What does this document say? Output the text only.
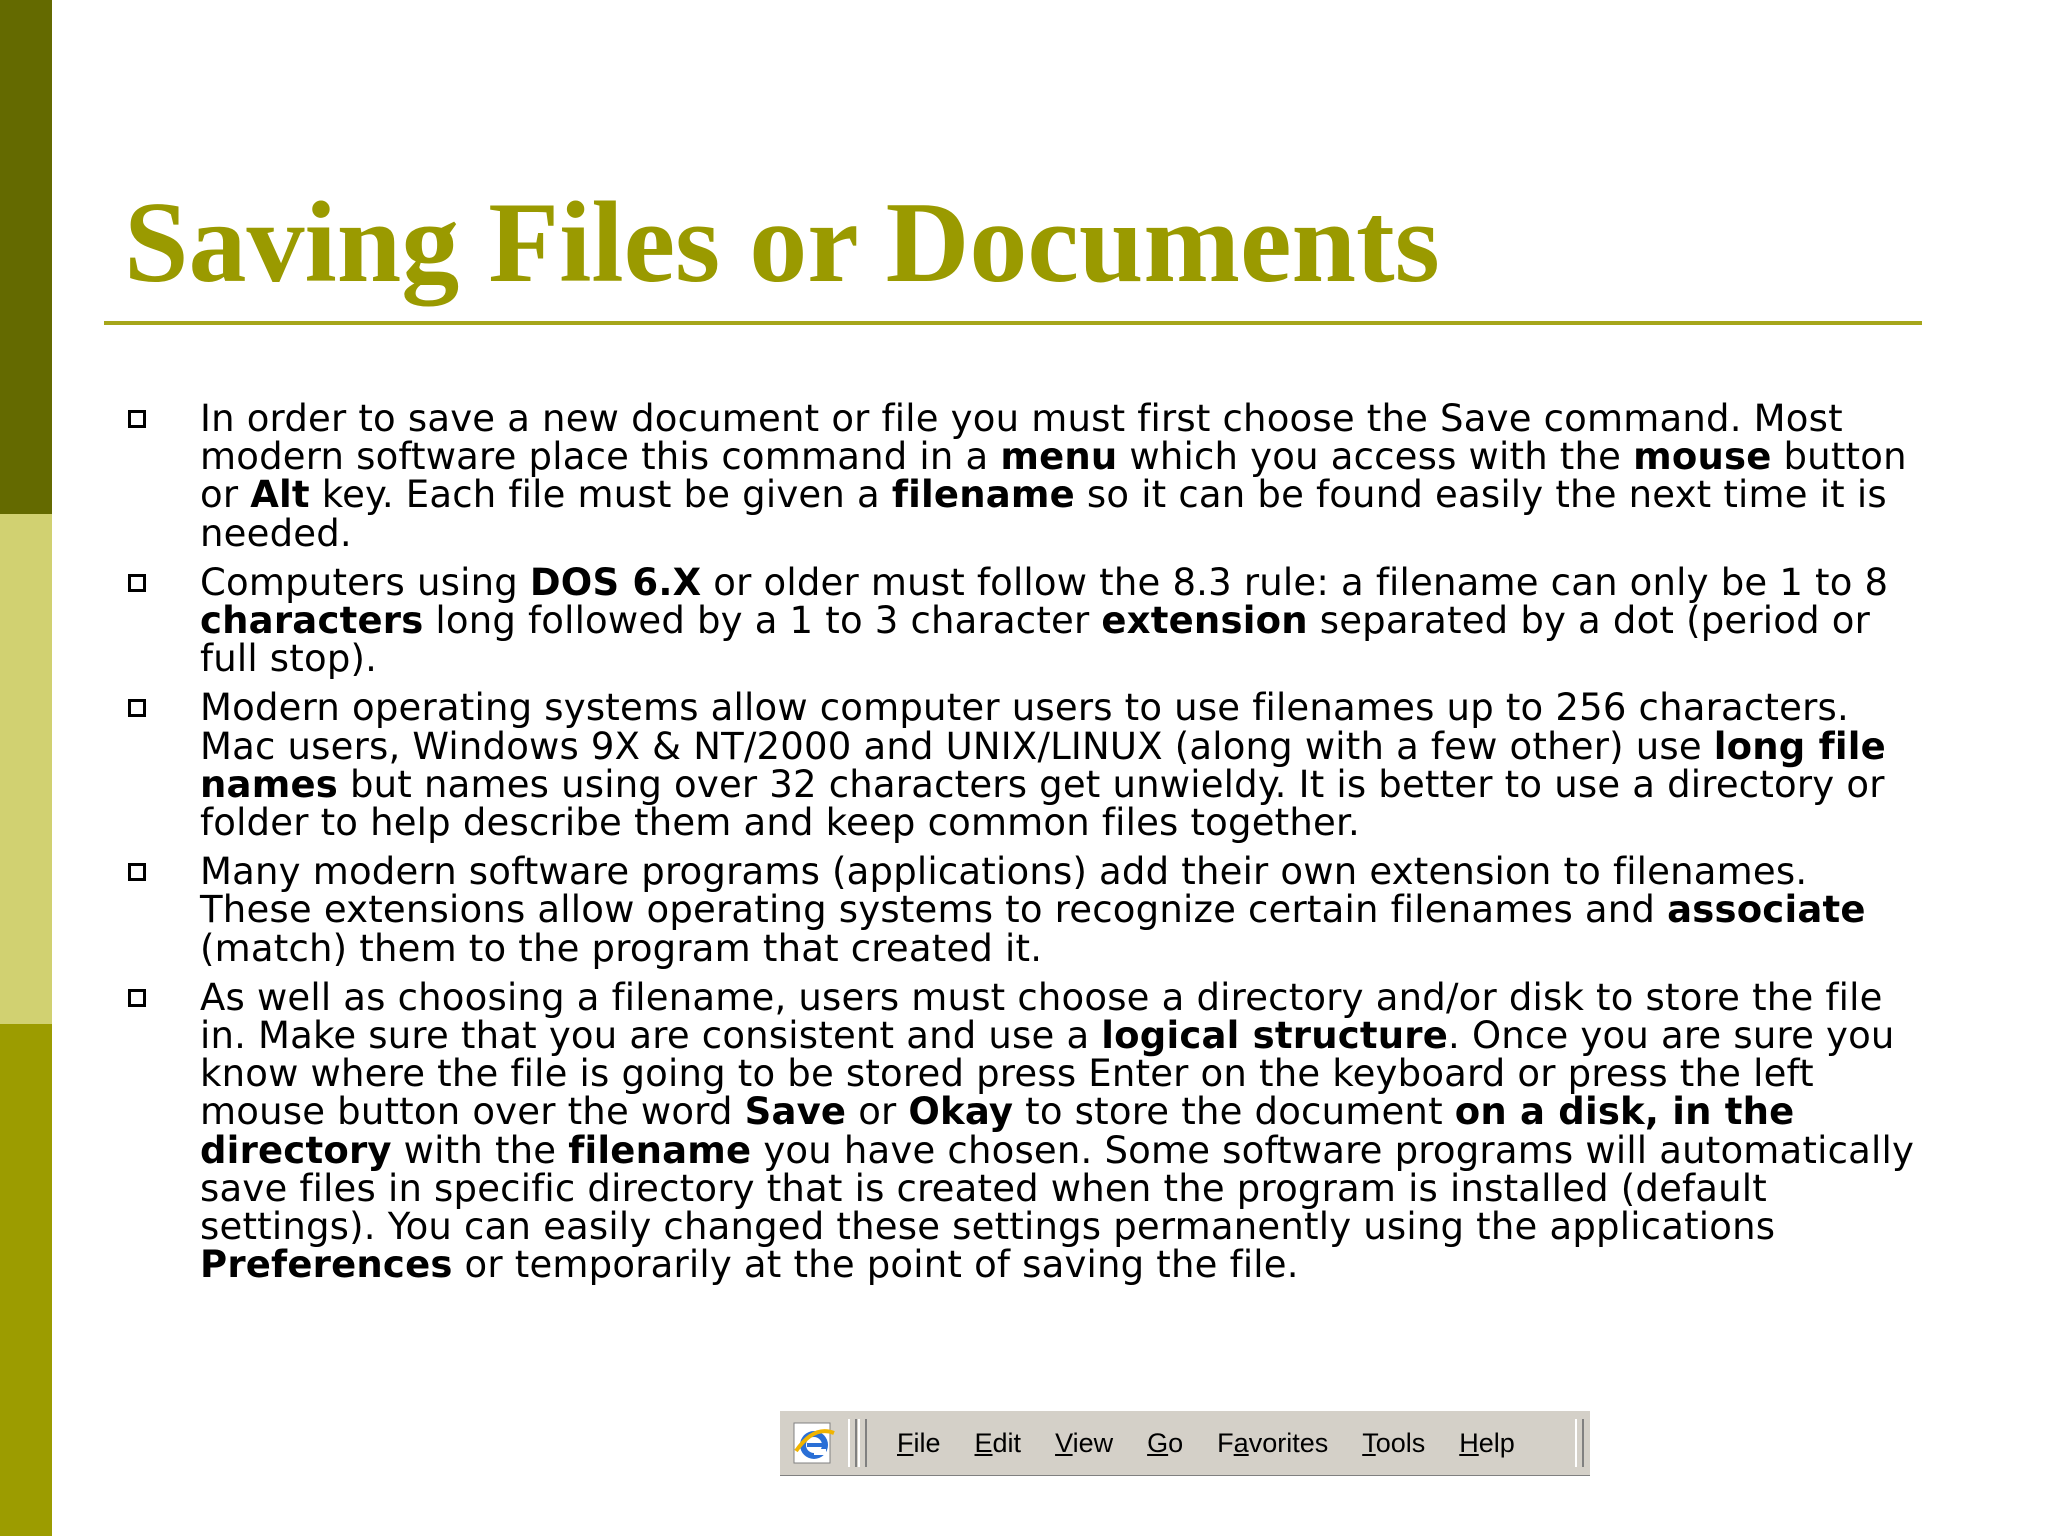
Saving Files or Documents
In order to save a new document or file you must first choose the Save command. Most modern software place this command in a menu which you access with the mouse button or Alt key. Each file must be given a filename so it can be found easily the next time it is needed.
Computers using DOS 6.X or older must follow the 8.3 rule: a filename can only be 1 to 8 characters long followed by a 1 to 3 character extension separated by a dot (period or full stop).
Modern operating systems allow computer users to use filenames up to 256 characters. Mac users, Windows 9X & NT/2000 and UNIX/LINUX (along with a few other) use long file names but names using over 32 characters get unwieldy. It is better to use a directory or folder to help describe them and keep common files together.
Many modern software programs (applications) add their own extension to filenames. These extensions allow operating systems to recognize certain filenames and associate (match) them to the program that created it.
As well as choosing a filename, users must choose a directory and/or disk to store the file in. Make sure that you are consistent and use a logical structure. Once you are sure you know where the file is going to be stored press Enter on the keyboard or press the left mouse button over the word Save or Okay to store the document on a disk, in the directory with the filename you have chosen. Some software programs will automatically save files in specific directory that is created when the program is installed (default settings). You can easily changed these settings permanently using the applications Preferences or temporarily at the point of saving the file.
File	Edit	View	Go	Favorites	Tools	Help
